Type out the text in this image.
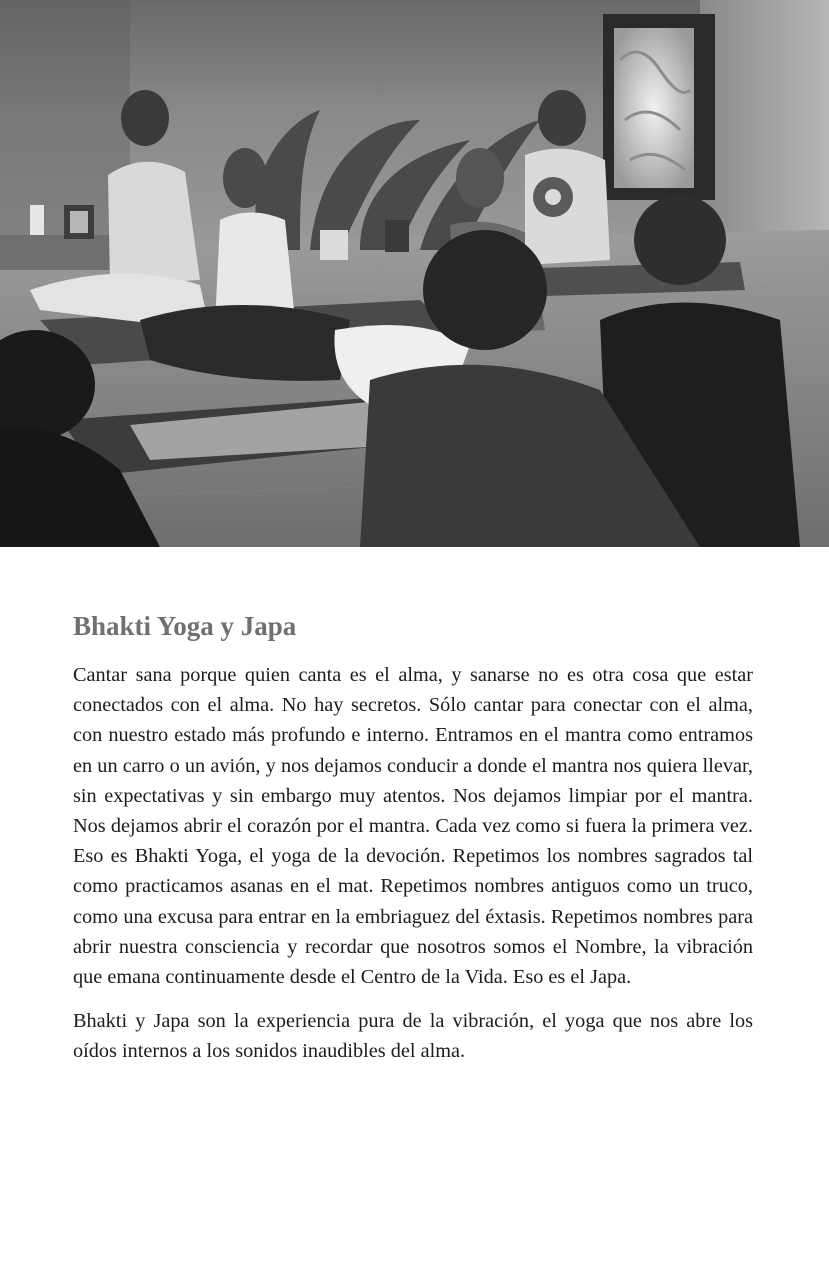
Bhakti Yoga y Japa

Cantar sana porque quien canta es el alma, y sanarse no es otra cosa que estar conectados con el alma. No hay secretos. Sólo cantar para conectar con el alma, con nuestro estado más profundo e interno. Entramos en el mantra como entramos en un carro o un avión, y nos dejamos conducir a donde el mantra nos quiera llevar, sin expectativas y sin embargo muy atentos. Nos dejamos limpiar por el mantra. Nos dejamos abrir el corazón por el mantra. Cada vez como si fuera la primera vez. Eso es Bhakti Yoga, el yoga de la devoción. Repetimos los nombres sagrados tal como practicamos asanas en el mat. Repetimos nombres antiguos como un truco, como una excusa para entrar en la embriaguez del éxtasis. Repetimos nombres para abrir nuestra consciencia y recordar que nosotros somos el Nombre, la vibración que emana continuamente desde el Centro de la Vida. Eso es el Japa.

Bhakti y Japa son la experiencia pura de la vibración, el yoga que nos abre los oídos internos a los sonidos inaudibles del alma.
